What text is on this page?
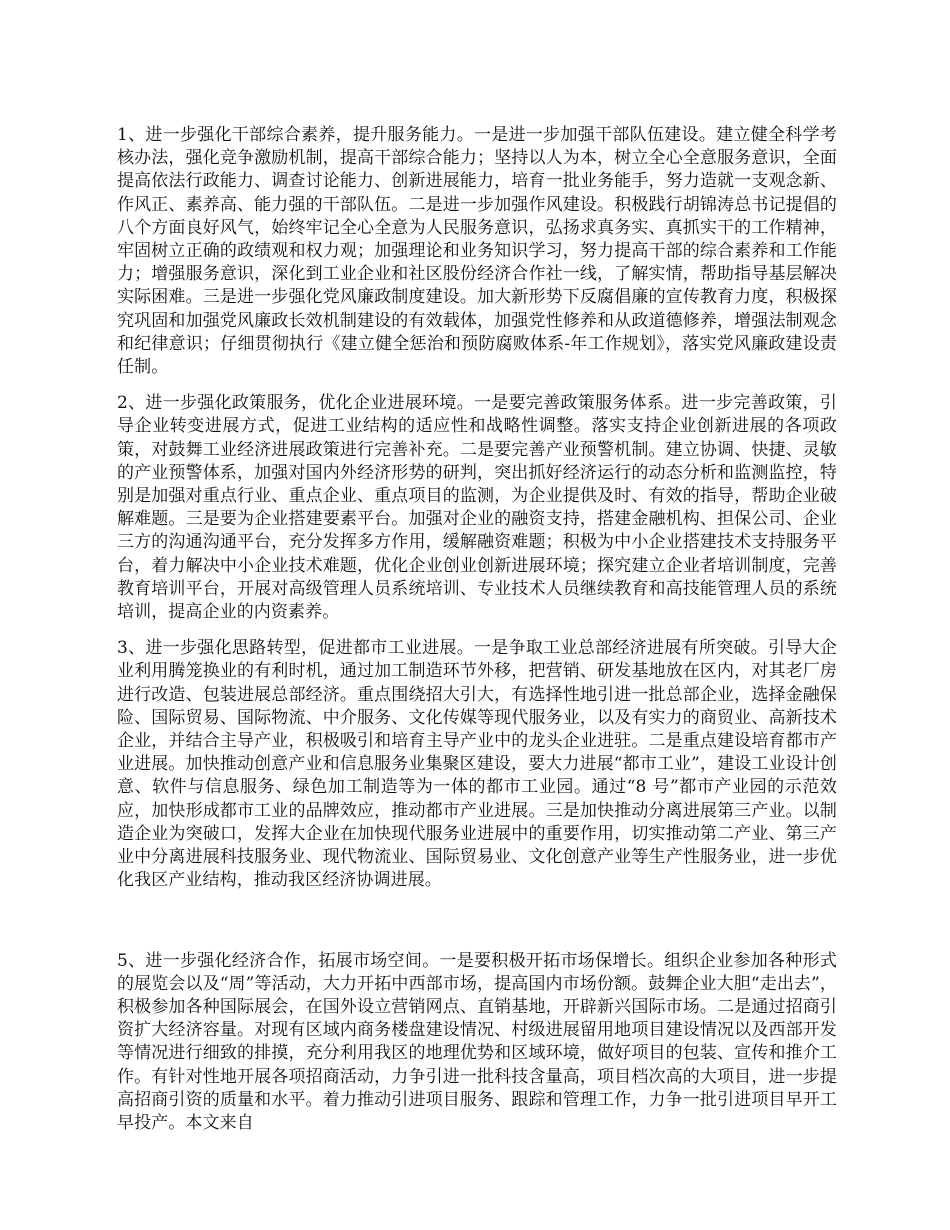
1、进一步强化干部综合素养，提升服务能力。一是进一步加强干部队伍建设。建立健全科学考核办法，强化竞争激励机制，提高干部综合能力；坚持以人为本，树立全心全意服务意识，全面提高依法行政能力、调查讨论能力、创新进展能力，培育一批业务能手，努力造就一支观念新、作风正、素养高、能力强的干部队伍。二是进一步加强作风建设。积极践行胡锦涛总书记提倡的八个方面良好风气，始终牢记全心全意为人民服务意识，弘扬求真务实、真抓实干的工作精神，牢固树立正确的政绩观和权力观；加强理论和业务知识学习，努力提高干部的综合素养和工作能力；增强服务意识，深化到工业企业和社区股份经济合作社一线，了解实情，帮助指导基层解决实际困难。三是进一步强化党风廉政制度建设。加大新形势下反腐倡廉的宣传教育力度，积极探究巩固和加强党风廉政长效机制建设的有效载体，加强党性修养和从政道德修养，增强法制观念和纪律意识；仔细贯彻执行《建立健全惩治和预防腐败体系-年工作规划》，落实党风廉政建设责任制。

2、进一步强化政策服务，优化企业进展环境。一是要完善政策服务体系。进一步完善政策，引导企业转变进展方式，促进工业结构的适应性和战略性调整。落实支持企业创新进展的各项政策，对鼓舞工业经济进展政策进行完善补充。二是要完善产业预警机制。建立协调、快捷、灵敏的产业预警体系，加强对国内外经济形势的研判，突出抓好经济运行的动态分析和监测监控，特别是加强对重点行业、重点企业、重点项目的监测，为企业提供及时、有效的指导，帮助企业破解难题。三是要为企业搭建要素平台。加强对企业的融资支持，搭建金融机构、担保公司、企业三方的沟通沟通平台，充分发挥多方作用，缓解融资难题；积极为中小企业搭建技术支持服务平台，着力解决中小企业技术难题，优化企业创业创新进展环境；探究建立企业者培训制度，完善教育培训平台，开展对高级管理人员系统培训、专业技术人员继续教育和高技能管理人员的系统培训，提高企业的内资素养。

3、进一步强化思路转型，促进都市工业进展。一是争取工业总部经济进展有所突破。引导大企业利用腾笼换业的有利时机，通过加工制造环节外移，把营销、研发基地放在区内，对其老厂房进行改造、包装进展总部经济。重点围绕招大引大，有选择性地引进一批总部企业，选择金融保险、国际贸易、国际物流、中介服务、文化传媒等现代服务业，以及有实力的商贸业、高新技术企业，并结合主导产业，积极吸引和培育主导产业中的龙头企业进驻。二是重点建设培育都市产业进展。加快推动创意产业和信息服务业集聚区建设，要大力进展“都市工业”，建设工业设计创意、软件与信息服务、绿色加工制造等为一体的都市工业园。通过“8 号”都市产业园的示范效应，加快形成都市工业的品牌效应，推动都市产业进展。三是加快推动分离进展第三产业。以制造企业为突破口，发挥大企业在加快现代服务业进展中的重要作用，切实推动第二产业、第三产业中分离进展科技服务业、现代物流业、国际贸易业、文化创意产业等生产性服务业，进一步优化我区产业结构，推动我区经济协调进展。

5、进一步强化经济合作，拓展市场空间。一是要积极开拓市场保增长。组织企业参加各种形式的展览会以及“周”等活动，大力开拓中西部市场，提高国内市场份额。鼓舞企业大胆“走出去”，积极参加各种国际展会，在国外设立营销网点、直销基地，开辟新兴国际市场。二是通过招商引资扩大经济容量。对现有区域内商务楼盘建设情况、村级进展留用地项目建设情况以及西部开发等情况进行细致的排摸，充分利用我区的地理优势和区域环境，做好项目的包装、宣传和推介工作。有针对性地开展各项招商活动，力争引进一批科技含量高，项目档次高的大项目，进一步提高招商引资的质量和水平。着力推动引进项目服务、跟踪和管理工作，力争一批引进项目早开工早投产。本文来自
